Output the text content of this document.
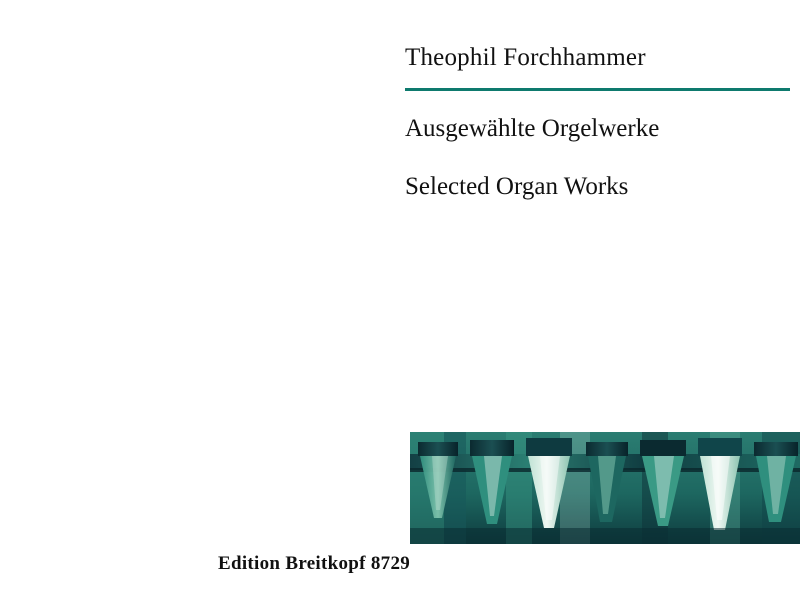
Theophil Forchhammer
Ausgewählte Orgelwerke
Selected Organ Works
Edition Breitkopf 8729
